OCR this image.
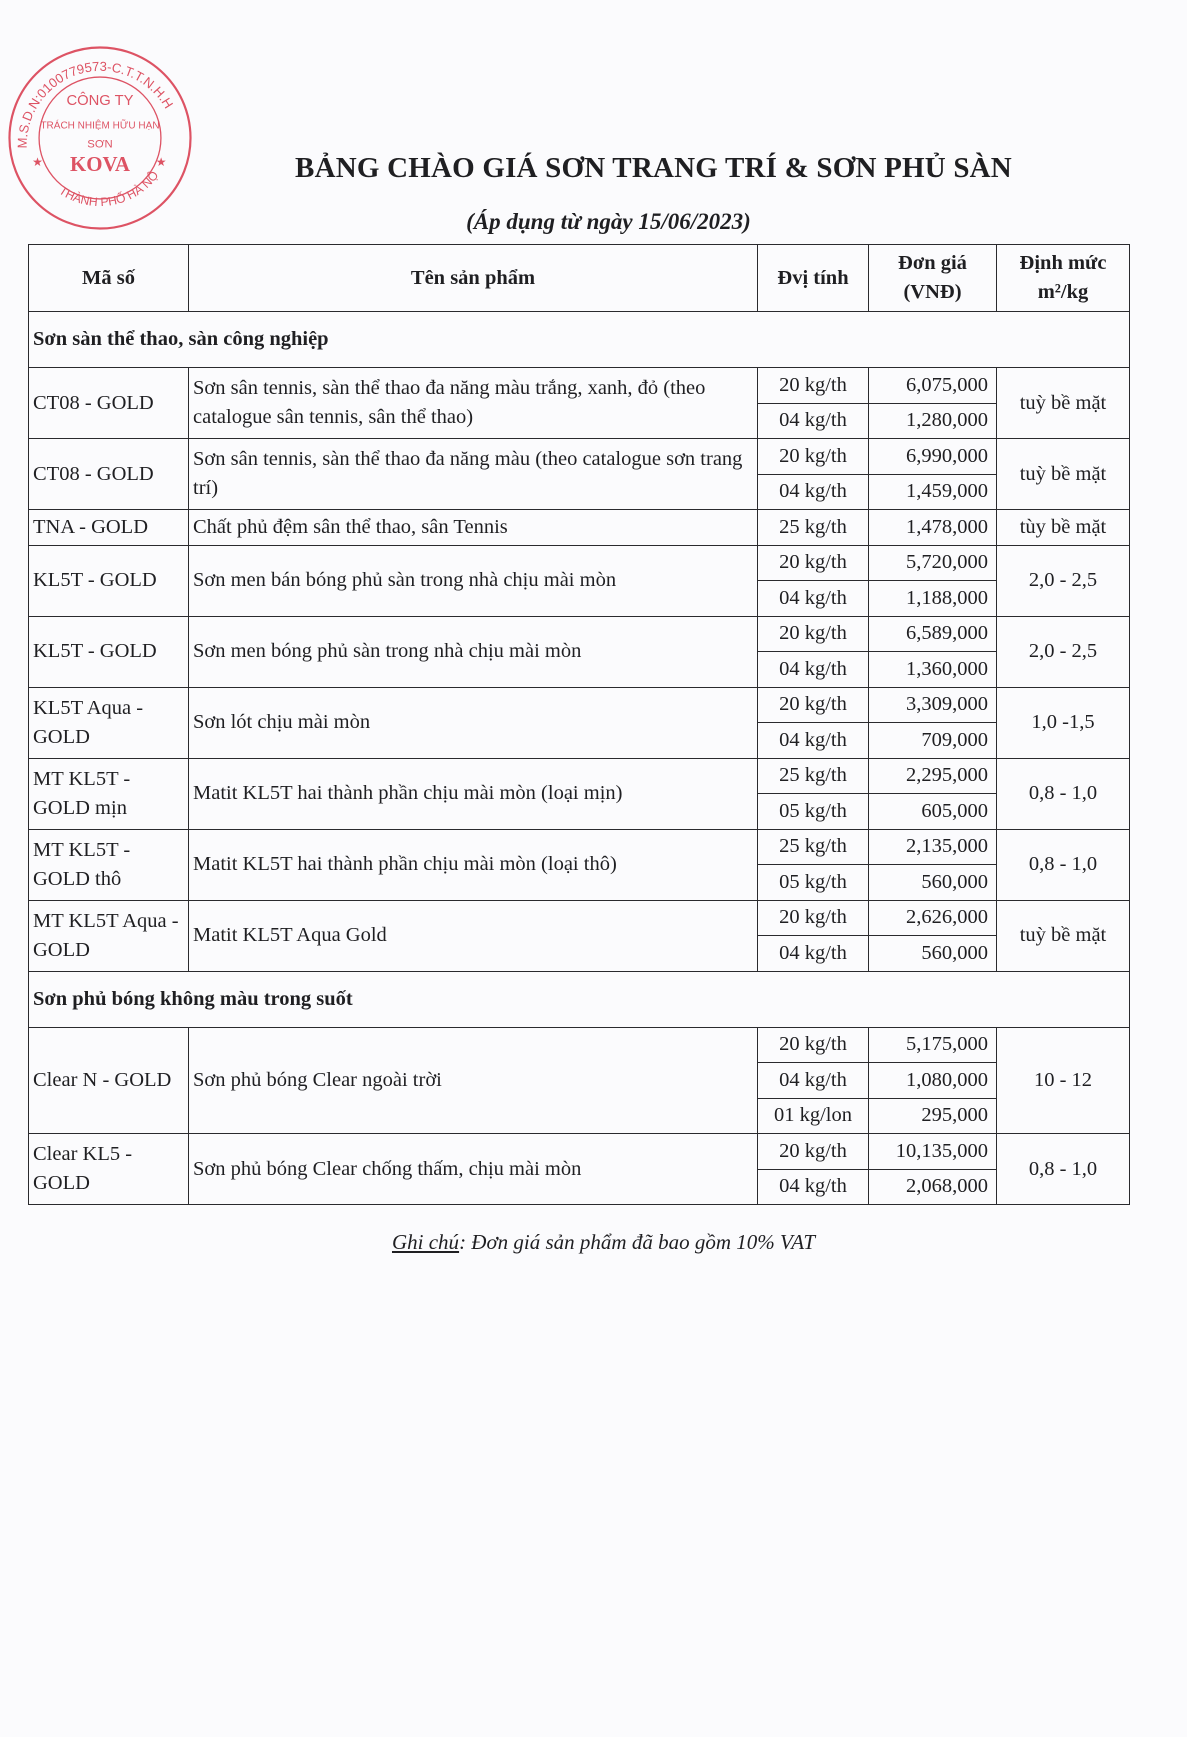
M.S.D.N:0100779573-C.T.T.N.H.H
THÀNH PHỐ HÀ NỘ
CÔNG TY
TRÁCH NHIỆM HỮU HẠN
SƠN
KOVA
★	★	BẢNG CHÀO GIÁ SƠN TRANG TRÍ & SƠN PHỦ SÀN
(Áp dụng từ ngày 15/06/2023)
Mã số	Tên sản phẩm	Đvị tính	Đơn giá (VNĐ)	Định mức m²/kg
Sơn sàn thể thao, sàn công nghiệp				
CT08 - GOLD	Sơn sân tennis, sàn thể thao đa năng màu trắng, xanh, đỏ (theo catalogue sân tennis, sân thể thao)	20 kg/th	6,075,000	tuỳ bề mặt
		04 kg/th	1,280,000	
CT08 - GOLD	Sơn sân tennis, sàn thể thao đa năng màu (theo catalogue sơn trang trí)	20 kg/th	6,990,000	tuỳ bề mặt
		04 kg/th	1,459,000	
TNA - GOLD	Chất phủ đệm sân thể thao, sân Tennis	25 kg/th	1,478,000	tùy bề mặt
KL5T - GOLD	Sơn men bán bóng phủ sàn trong nhà chịu mài mòn	20 kg/th	5,720,000	2,0 - 2,5
		04 kg/th	1,188,000	
KL5T - GOLD	Sơn men bóng phủ sàn trong nhà chịu mài mòn	20 kg/th	6,589,000	2,0 - 2,5
		04 kg/th	1,360,000	
KL5T Aqua - GOLD	Sơn lót chịu mài mòn	20 kg/th	3,309,000	1,0 -1,5
		04 kg/th	709,000	
MT KL5T - GOLD mịn	Matit KL5T hai thành phần chịu mài mòn (loại mịn)	25 kg/th	2,295,000	0,8 - 1,0
		05 kg/th	605,000	
MT KL5T - GOLD thô	Matit KL5T hai thành phần chịu mài mòn (loại thô)	25 kg/th	2,135,000	0,8 - 1,0
		05 kg/th	560,000	
MT KL5T Aqua - GOLD	Matit KL5T Aqua Gold	20 kg/th	2,626,000	tuỳ bề mặt
		04 kg/th	560,000	
Sơn phủ bóng không màu trong suốt				
Clear N - GOLD	Sơn phủ bóng Clear ngoài trời	20 kg/th	5,175,000	10 - 12
		04 kg/th	1,080,000	
		01 kg/lon	295,000	
Clear KL5 - GOLD	Sơn phủ bóng Clear chống thấm, chịu mài mòn	20 kg/th	10,135,000	0,8 - 1,0
		04 kg/th	2,068,000	
Ghi chú: Đơn giá sản phẩm đã bao gồm 10% VAT
